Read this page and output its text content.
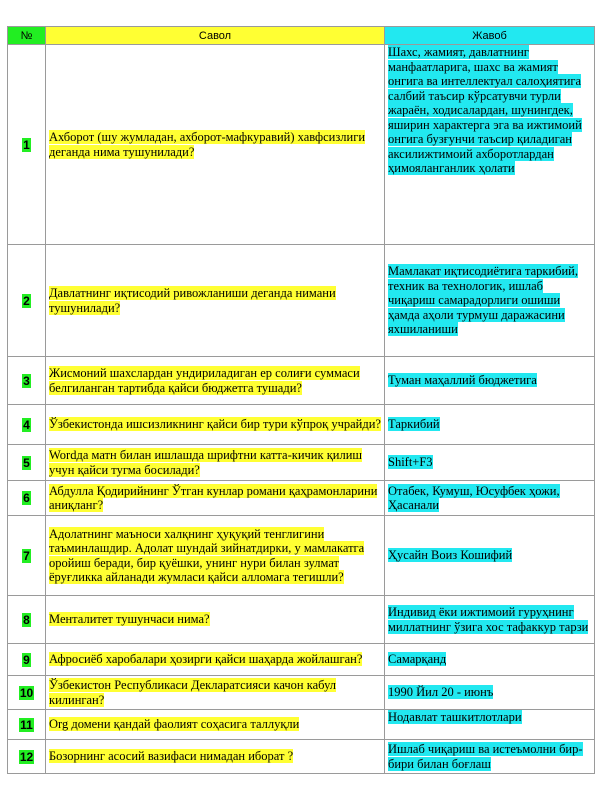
№	Савол	Жавоб
1	Ахборот (шу жумладан, ахборот-мафкуравий) хавфсизлиги деганда нима тушунилади?	Шахс, жамият, давлатнинг манфаатларига, шахс ва жамият онгига ва интеллектуал салоҳиятига салбий таъсир кўрсатувчи турли жараён, ходисалардан, шунингдек, яширин характерга эга ва ижтимоий онгига бузғунчи таъсир қиладиган аксилижтимоий ахборотлардан ҳимояланганлик ҳолати
2	Давлатнинг иқтисодий ривожланиши деганда нимани тушунилади?	Мамлакат иқтисодиётига таркибий, техник ва технологик, ишлаб чиқариш самарадорлиги ошиши ҳамда аҳоли турмуш даражасини яхшиланиши
3	Жисмоний шахслардан ундириладиган ер солиғи суммаси белгиланган тартибда қайси бюджетга тушади?	Туман маҳаллий бюджетига
4	Ўзбекистонда ишсизликнинг қайси бир тури кўпроқ учрайди?	Таркибий
5	Wordда матн билан ишлашда шрифтни катта-кичик қилиш учун қайси тугма босилади?	Shift+F3
6	Абдулла Қодирийнинг Ўтган кунлар романи қаҳрамонларини аниқланг?	Отабек, Кумуш, Юсуфбек ҳожи, Ҳасанали
7	Адолатнинг маъноси халқнинг ҳуқуқий тенглигини таъминлашдир. Адолат шундай зийнатдирки, у мамлакатга оройиш беради, бир қуёшки, унинг нури билан зулмат ёруғликка айланади жумласи қайси алломага тегишли?	Ҳусайн Воиз Кошифий
8	Менталитет тушунчаси нима?	Индивид ёки ижтимоий гуруҳнинг миллатнинг ўзига хос тафаккур тарзи
9	Афросиёб харобалари ҳозирги қайси шаҳарда жойлашган?	Самарқанд
10	Ўзбекистон Республикаси Декларатсияси качон кабул килинган?	1990 Йил 20 - июнъ
11	Org домени қандай фаолият соҳасига таллуқли	Нодавлат ташкитлотлари
12	Бозорнинг асосий вазифаси нимадан иборат ?	Ишлаб чиқариш ва истеъмолни бир-бири билан боғлаш
